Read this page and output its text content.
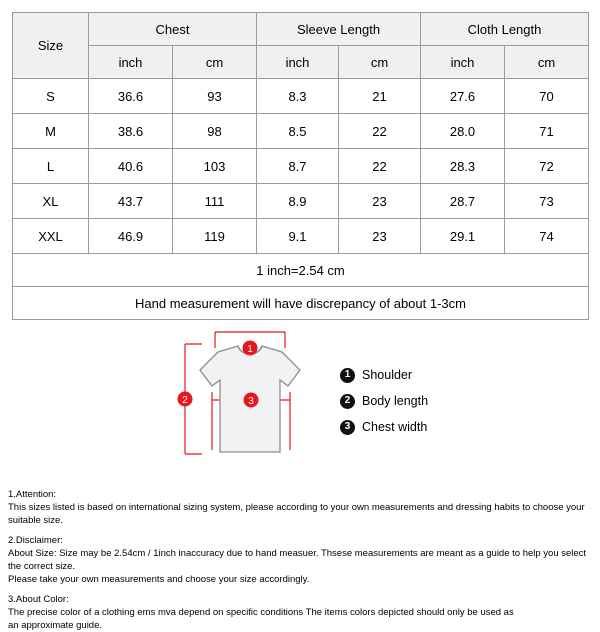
Size	Chest		Sleeve Length		Cloth Length	
	inch	cm	inch	cm	inch	cm
S	36.6	93	8.3	21	27.6	70
M	38.6	98	8.5	22	28.0	71
L	40.6	103	8.7	22	28.3	72
XL	43.7	111	8.9	23	28.7	73
XXL	46.9	119	9.1	23	29.1	74
1 inch=2.54 cm						
Hand measurement will have discrepancy of about 1-3cm						
1
2	3
1 Shoulder
2 Body length
3 Chest width

1.Attention:

This sizes listed is based on international sizing system, please according to your own measurements and dressing habits to choose your suitable size.

2.Disclaimer:

About Size: Size may be 2.54cm / 1inch inaccuracy due to hand measuer. Thsese measurements are meant as a guide to help you select the correct size.

Please take your own measurements and choose your size accordingly.

3.About Color:

The precise color of a clothing ems mva depend on specific conditions The items colors depicted should only be used as

an approximate guide.
